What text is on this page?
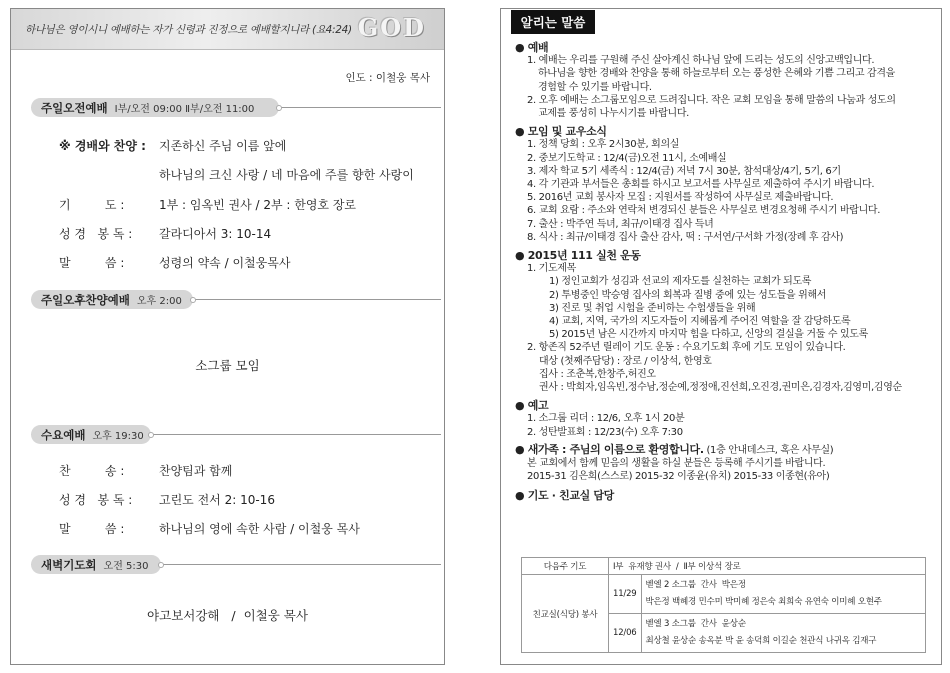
하나님은 영이시니 예배하는 자가 신령과 진정으로 예배할지니라 (요4:24) GOD
인도 : 이철웅 목사
주일오전예배 Ⅰ부/오전 09:00 Ⅱ부/오전 11:00
※ 경배와 찬양 :	지존하신 주님 이름 앞에
하나님의 크신 사랑 / 네 마음에 주를 향한 사랑이
기         도 :	1부 : 임옥빈 권사 / 2부 : 한영호 장로
성 경   봉 독 :	갈라디아서 3: 10-14
말         씀 :	성령의 약속 / 이철웅목사
주일오후찬양예배 오후 2:00
소그룹 모임
수요예배 오후 19:30
찬         송 :	찬양팀과 함께
성 경   봉 독 :	고린도 전서 2: 10-16
말         씀 :	하나님의 영에 속한 사람 / 이철웅 목사
새벽기도회 오전 5:30
야고보서강해   /  이철웅 목사
알리는 말씀
● 예배
1. 예배는 우리를 구원해 주신 살아계신 하나님 앞에 드리는 성도의 신앙고백입니다.
하나님을 향한 경배와 찬양을 통해 하늘로부터 오는 풍성한 은혜와 기쁨 그리고 감격을
경험할 수 있기를 바랍니다.
2. 오후 예배는 소그룹모임으로 드려집니다. 작은 교회 모임을 통해 말씀의 나눔과 성도의
교제를 풍성히 나누시기를 바랍니다.
● 모임 및 교우소식
1. 정책 당회 : 오후 2시30분, 회의실
2. 중보기도학교 : 12/4(금)오전 11시, 소예배실
3. 제자 학교 5기 세족식 : 12/4(금) 저녁 7시 30분, 참석대상/4기, 5기, 6기
4. 각 기관과 부서들은 총회를 하시고 보고서를 사무실로 제출하여 주시기 바랍니다.
5. 2016년 교회 봉사자 모집 : 지원서를 작성하여 사무실로 제출바랍니다.
6. 교회 요람 : 주소와 연락처 변경되신 분들은 사무실로 변경요청해 주시기 바랍니다.
7. 출산 : 박주연 득녀, 최규/이태경 집사 득녀
8. 식사 : 최규/이태경 집사 출산 감사, 떡 : 구서연/구서화 가정(장례 후 감사)
● 2015년 111 실천 운동
1. 기도제목
1) 정인교회가 성김과 선교의 제자도를 실천하는 교회가 되도록
2) 투병중인 박승영 집사의 회복과 질병 중에 있는 성도들을 위해서
3) 진로 및 취업 시험을 준비하는 수험생들을 위해
4) 교회, 지역, 국가의 지도자들이 지혜롭게 주어진 역할을 잘 감당하도록
5) 2015년 남은 시간까지 마지막 힘을 다하고, 신앙의 결실을 거둘 수 있도록
2. 항존직 52주년 릴레이 기도 운동 : 수요기도회 후에 기도 모임이 있습니다.
대상 (첫째주담당) : 장로 / 이상석, 한영호
집사 : 조춘복,한창주,허진오
권사 : 박희자,임옥빈,정수남,정순예,정정애,진선희,오진경,권미은,김경자,김영미,김영순
● 예고
1. 소그룹 리더 : 12/6, 오후 1시 20분
2. 성탄발표회 : 12/23(수) 오후 7:30
● 새가족 : 주님의 이름으로 환영합니다. (1층 안내데스크, 혹은 사무실)
본 교회에서 함께 믿음의 생활을 하실 분들은 등록해 주시기를 바랍니다.
2015-31 김은희(스스로) 2015-32 이종윤(유치) 2015-33 이종현(유아)
● 기도 · 친교실 담당
다음주 기도	Ⅰ부  유재향 권사  /  Ⅱ부 이상석 장로	
친교실(식당) 봉사	11/29	벧엘 2 소그룹  간사  박은정
박은정 백혜경 민수미 박미혜 정은숙 최희숙 유연숙 이미혜 오현주

	12/06	벧엘 3 소그룹  간사  윤상순
최상철 윤상순 송옥분 박 윤 송덕희 이길순 천관식 나귀옥 김재구
